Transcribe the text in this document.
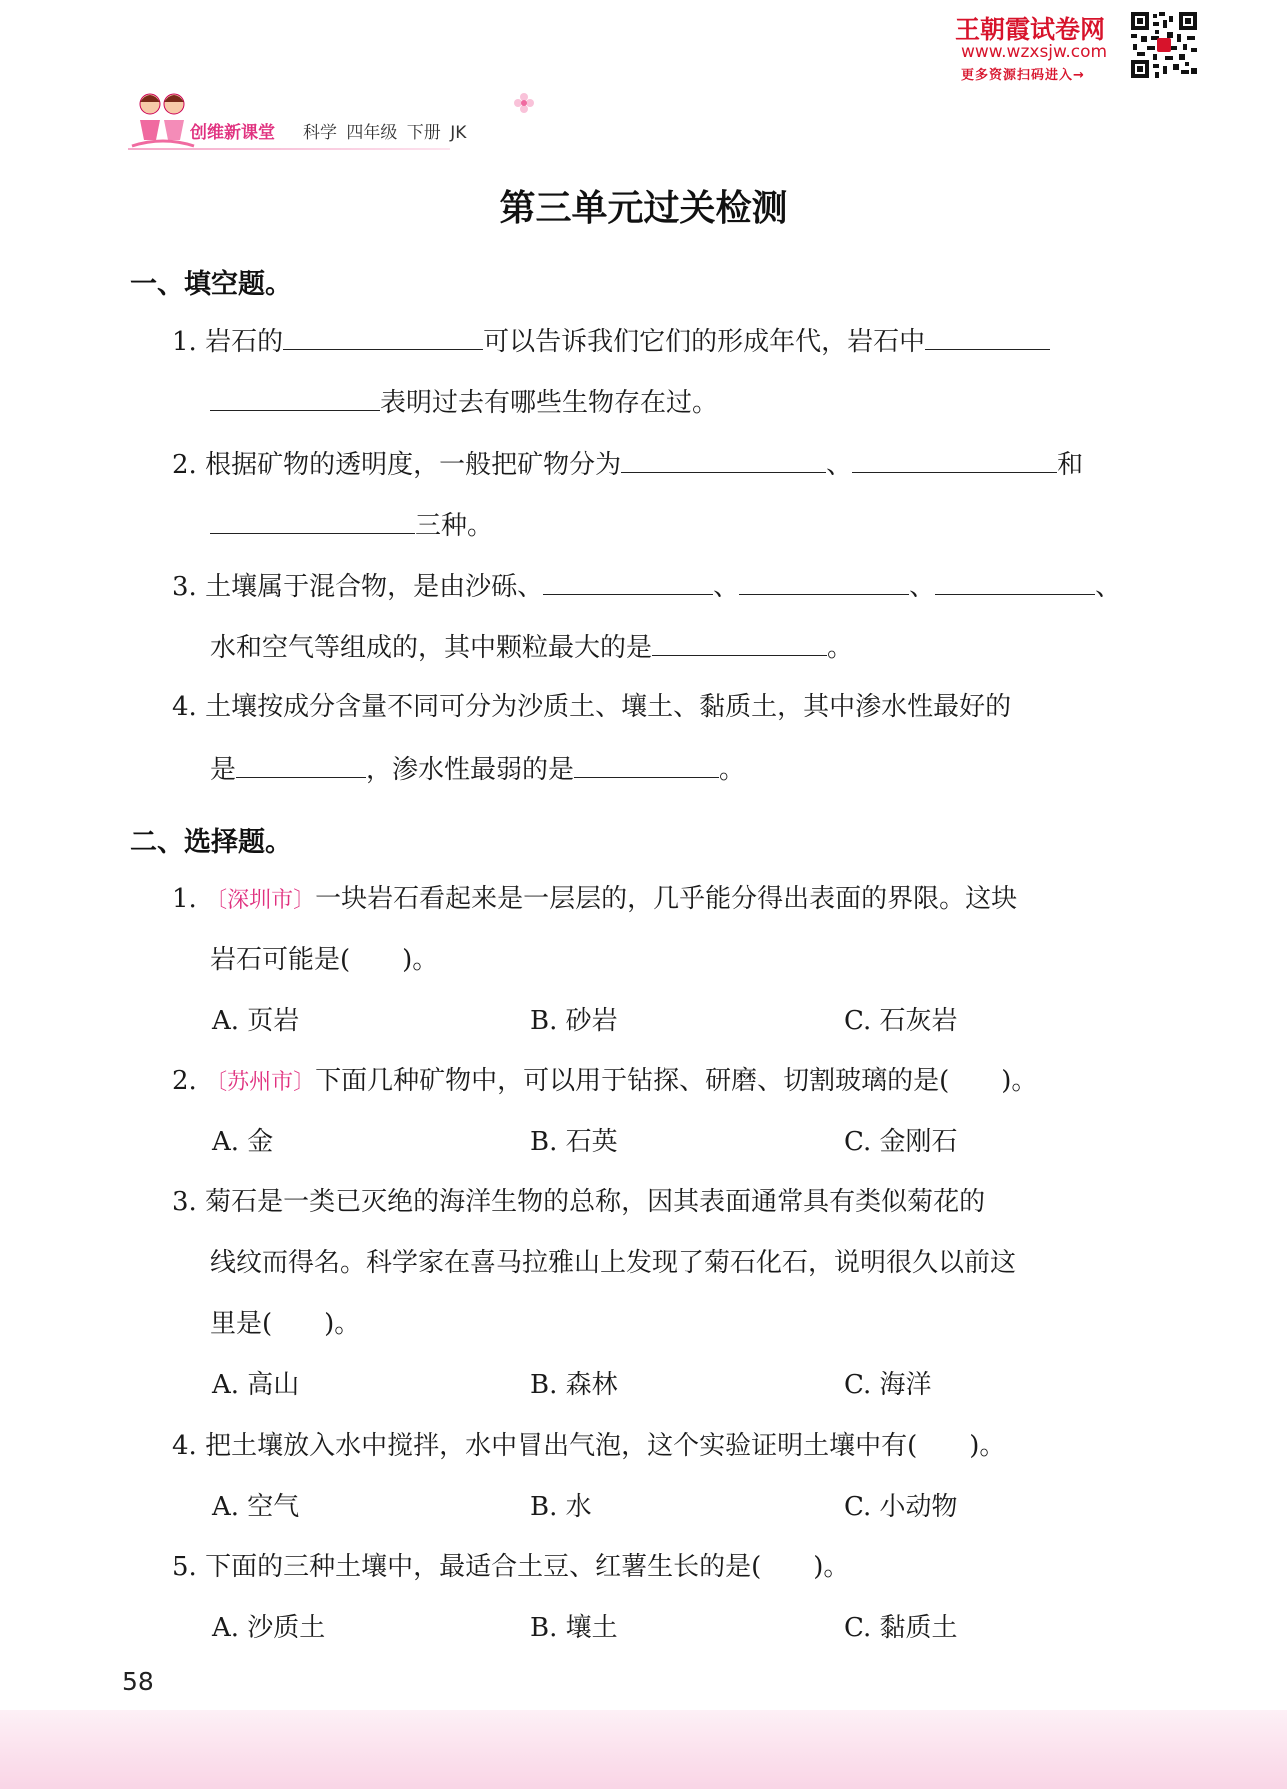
王朝霞试卷网
www.wzxsjw.com
更多资源扫码进入→
创维新课堂 科学 四年级 下册 JK
第三单元过关检测
一、填空题。
1. 岩石的	可以告诉我们它们的形成年代，岩石中
表明过去有哪些生物存在过。
2. 根据矿物的透明度，一般把矿物分为	、	和
三种。
3. 土壤属于混合物，是由沙砾、	、	、	、
水和空气等组成的，其中颗粒最大的是	。
4. 土壤按成分含量不同可分为沙质土、壤土、黏质土，其中渗水性最好的
是	，渗水性最弱的是	。
二、选择题。
1. 〔深圳市〕一块岩石看起来是一层层的，几乎能分得出表面的界限。这块
岩石可能是(　　)。
A. 页岩	B. 砂岩	C. 石灰岩
2. 〔苏州市〕下面几种矿物中，可以用于钻探、研磨、切割玻璃的是(　　)。
A. 金	B. 石英	C. 金刚石
3. 菊石是一类已灭绝的海洋生物的总称，因其表面通常具有类似菊花的
线纹而得名。科学家在喜马拉雅山上发现了菊石化石，说明很久以前这
里是(　　)。
A. 高山	B. 森林	C. 海洋
4. 把土壤放入水中搅拌，水中冒出气泡，这个实验证明土壤中有(　　)。
A. 空气	B. 水	C. 小动物
5. 下面的三种土壤中，最适合土豆、红薯生长的是(　　)。
A. 沙质土	B. 壤土	C. 黏质土
58
